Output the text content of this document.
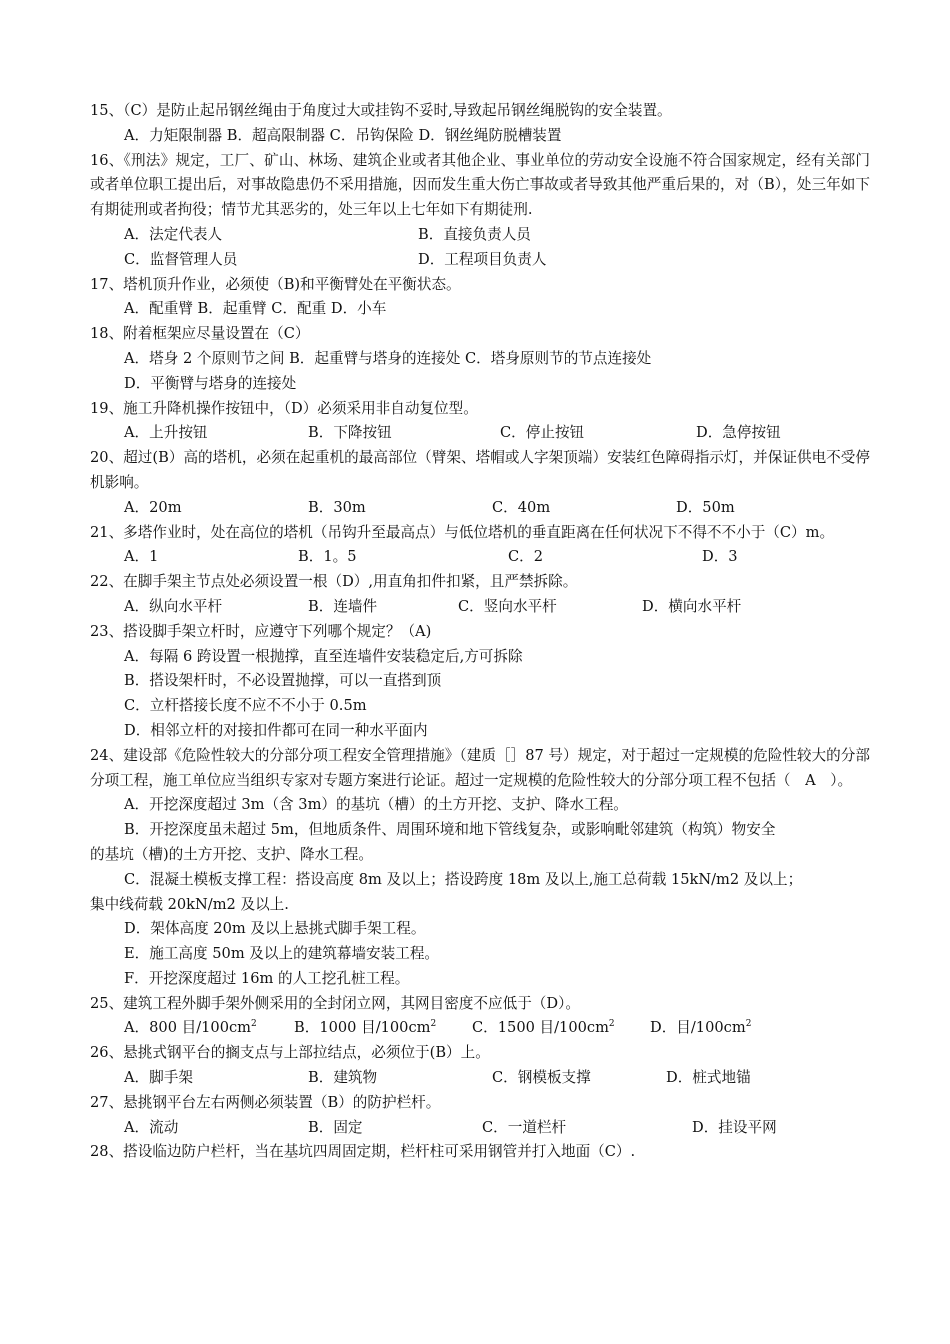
15、（C）是防止起吊钢丝绳由于角度过大或挂钩不妥时,导致起吊钢丝绳脱钩的安全装置。

A．力矩限制器 B．超高限制器 C．吊钩保险 D．钢丝绳防脱槽装置

16、《刑法》规定，工厂、矿山、林场、建筑企业或者其他企业、事业单位的劳动安全设施不符合国家规定，经有关部门或者单位职工提出后，对事故隐患仍不采用措施，因而发生重大伤亡事故或者导致其他严重后果的，对（B），处三年如下有期徒刑或者拘役；情节尤其恶劣的，处三年以上七年如下有期徒刑.

A．法定代表人	B．直接负责人员
C．监督管理人员	D．工程项目负责人

17、塔机顶升作业，必须使（B)和平衡臂处在平衡状态。

A．配重臂 B．起重臂 C．配重 D．小车

18、附着框架应尽量设置在（C）

A．塔身 2 个原则节之间 B．起重臂与塔身的连接处 C．塔身原则节的节点连接处

D．平衡臂与塔身的连接处

19、施工升降机操作按钮中，（D）必须采用非自动复位型。

A．上升按钮	B．下降按钮	C．停止按钮	D．急停按钮

20、超过(B）高的塔机，必须在起重机的最高部位（臂架、塔帽或人字架顶端）安装红色障碍指示灯，并保证供电不受停机影响。

A．20m	B．30m	C．40m	D．50m

21、多塔作业时，处在高位的塔机（吊钩升至最高点）与低位塔机的垂直距离在任何状况下不得不不小于（C）m。

A．1	B．1。5	C．2	D．3

22、在脚手架主节点处必须设置一根（D）,用直角扣件扣紧，且严禁拆除。

A．纵向水平杆	B．连墙件	C．竖向水平杆	D．横向水平杆

23、搭设脚手架立杆时，应遵守下列哪个规定？（A)

A．每隔 6 跨设置一根抛撑，直至连墙件安装稳定后,方可拆除

B．搭设架杆时，不必设置抛撑，可以一直搭到顶

C．立杆搭接长度不应不不小于 0.5m

D．相邻立杆的对接扣件都可在同一种水平面内

24、建设部《危险性较大的分部分项工程安全管理措施》（建质［］87 号）规定，对于超过一定规模的危险性较大的分部分项工程，施工单位应当组织专家对专题方案进行论证。超过一定规模的危险性较大的分部分项工程不包括（　A　）。

A．开挖深度超过 3m（含 3m）的基坑（槽）的土方开挖、支护、降水工程。

B．开挖深度虽未超过 5m，但地质条件、周围环境和地下管线复杂，或影响毗邻建筑（构筑）物安全

的基坑（槽)的土方开挖、支护、降水工程。

C．混凝土模板支撑工程：搭设高度 8m 及以上；搭设跨度 18m 及以上,施工总荷载 15kN/m2 及以上；

集中线荷载 20kN/m2 及以上.

D．架体高度 20m 及以上悬挑式脚手架工程。

E．施工高度 50m 及以上的建筑幕墙安装工程。

F．开挖深度超过 16m 的人工挖孔桩工程。

25、建筑工程外脚手架外侧采用的全封闭立网，其网目密度不应低于（D）。

A．800 目$/100cm^2$	B．1000 目$/100cm^2$	C．1500 目$/100cm^2$	D．目$/100cm^2$

26、悬挑式钢平台的搁支点与上部拉结点，必须位于(B）上。

A．脚手架	B．建筑物	C．钢模板支撑	D．桩式地锚

27、悬挑钢平台左右两侧必须装置（B）的防护栏杆。

A．流动	B．固定	C．一道栏杆	D．挂设平网

28、搭设临边防户栏杆，当在基坑四周固定期，栏杆柱可采用钢管并打入地面（C）.
